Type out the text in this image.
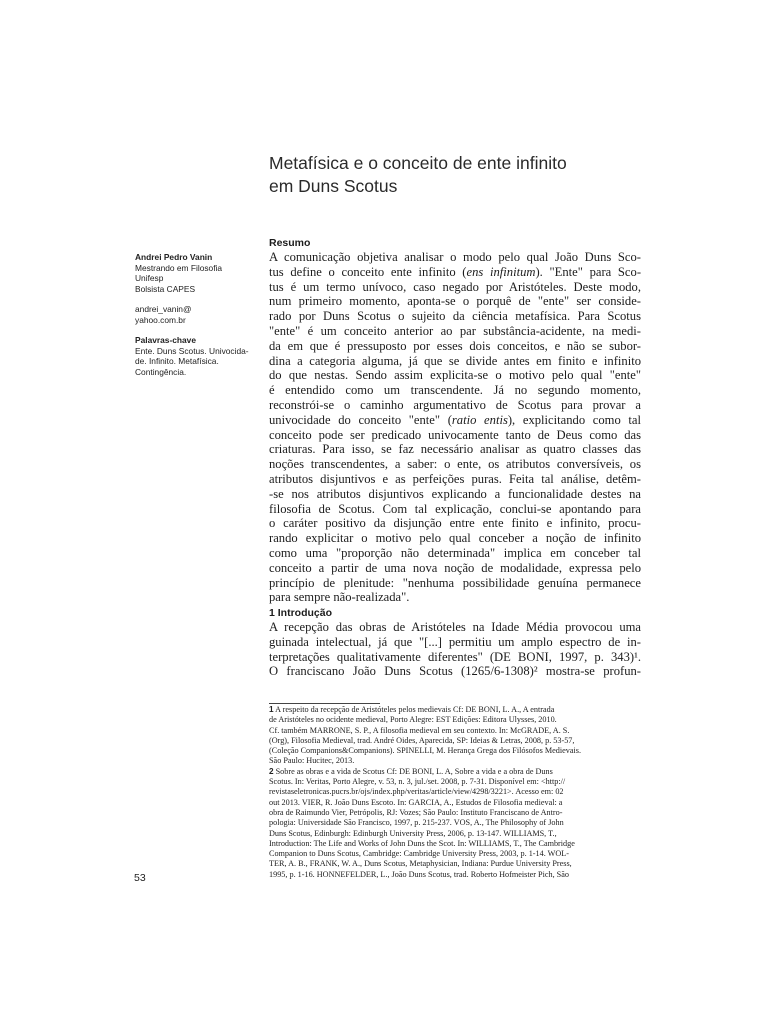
Metafísica e o conceito de ente infinito
em Duns Scotus
Andrei Pedro Vanin
Mestrando em Filosofia
Unifesp
Bolsista CAPES
andrei_vanin@
yahoo.com.br
Palavras-chave
Ente. Duns Scotus. Univocida-
de. Infinito. Metafísica.
Contingência.
Resumo
A comunicação objetiva analisar o modo pelo qual João Duns Sco-
tus define o conceito ente infinito (ens infinitum). "Ente" para Sco-
tus é um termo unívoco, caso negado por Aristóteles. Deste modo,
num primeiro momento, aponta-se o porquê de "ente" ser conside-
rado por Duns Scotus o sujeito da ciência metafísica. Para Scotus
"ente" é um conceito anterior ao par substância-acidente, na medi-
da em que é pressuposto por esses dois conceitos, e não se subor-
dina a categoria alguma, já que se divide antes em finito e infinito
do que nestas. Sendo assim explicita-se o motivo pelo qual "ente"
é entendido como um transcendente. Já no segundo momento,
reconstrói-se o caminho argumentativo de Scotus para provar a
univocidade do conceito "ente" (ratio entis), explicitando como tal
conceito pode ser predicado univocamente tanto de Deus como das
criaturas. Para isso, se faz necessário analisar as quatro classes das
noções transcendentes, a saber: o ente, os atributos conversíveis, os
atributos disjuntivos e as perfeições puras. Feita tal análise, detêm-
-se nos atributos disjuntivos explicando a funcionalidade destes na
filosofia de Scotus. Com tal explicação, conclui-se apontando para
o caráter positivo da disjunção entre ente finito e infinito, procu-
rando explicitar o motivo pelo qual conceber a noção de infinito
como uma "proporção não determinada" implica em conceber tal
conceito a partir de uma nova noção de modalidade, expressa pelo
princípio de plenitude: "nenhuma possibilidade genuína permanece
para sempre não-realizada".
1 Introdução
A recepção das obras de Aristóteles na Idade Média provocou uma
guinada intelectual, já que "[...] permitiu um amplo espectro de in-
terpretações qualitativamente diferentes" (DE BONI, 1997, p. 343)¹.
O franciscano João Duns Scotus (1265/6-1308)² mostra-se profun-
1 A respeito da recepção de Aristóteles pelos medievais Cf: DE BONI, L. A., A entrada
de Aristóteles no ocidente medieval, Porto Alegre: EST Edições: Editora Ulysses, 2010.
Cf. também MARRONE, S. P., A filosofia medieval em seu contexto. In: McGRADE, A. S.
(Org), Filosofia Medieval, trad. André Oides, Aparecida, SP: Ideias & Letras, 2008, p. 53-57,
(Coleção Companions&Companions). SPINELLI, M. Herança Grega dos Filósofos Medievais.
São Paulo: Hucitec, 2013.
2 Sobre as obras e a vida de Scotus Cf: DE BONI, L. A, Sobre a vida e a obra de Duns
Scotus. In: Veritas, Porto Alegre, v. 53, n. 3, jul./set. 2008, p. 7-31. Disponível em: <http://
revistaseletronicas.pucrs.br/ojs/index.php/veritas/article/view/4298/3221>. Acesso em: 02
out 2013. VIER, R. João Duns Escoto. In: GARCIA, A., Estudos de Filosofia medieval: a
obra de Raimundo Vier, Petrópolis, RJ: Vozes; São Paulo: Instituto Franciscano de Antro-
pologia: Universidade São Francisco, 1997, p. 215-237. VOS, A., The Philosophy of John
Duns Scotus, Edinburgh: Edinburgh University Press, 2006, p. 13-147. WILLIAMS, T.,
Introduction: The Life and Works of John Duns the Scot. In: WILLIAMS, T., The Cambridge
Companion to Duns Scotus, Cambridge: Cambridge University Press, 2003, p. 1-14. WOL-
TER, A. B., FRANK, W. A., Duns Scotus, Metaphysician, Indiana: Purdue University Press,
1995, p. 1-16. HONNEFELDER, L., João Duns Scotus, trad. Roberto Hofmeister Pich, São
53
